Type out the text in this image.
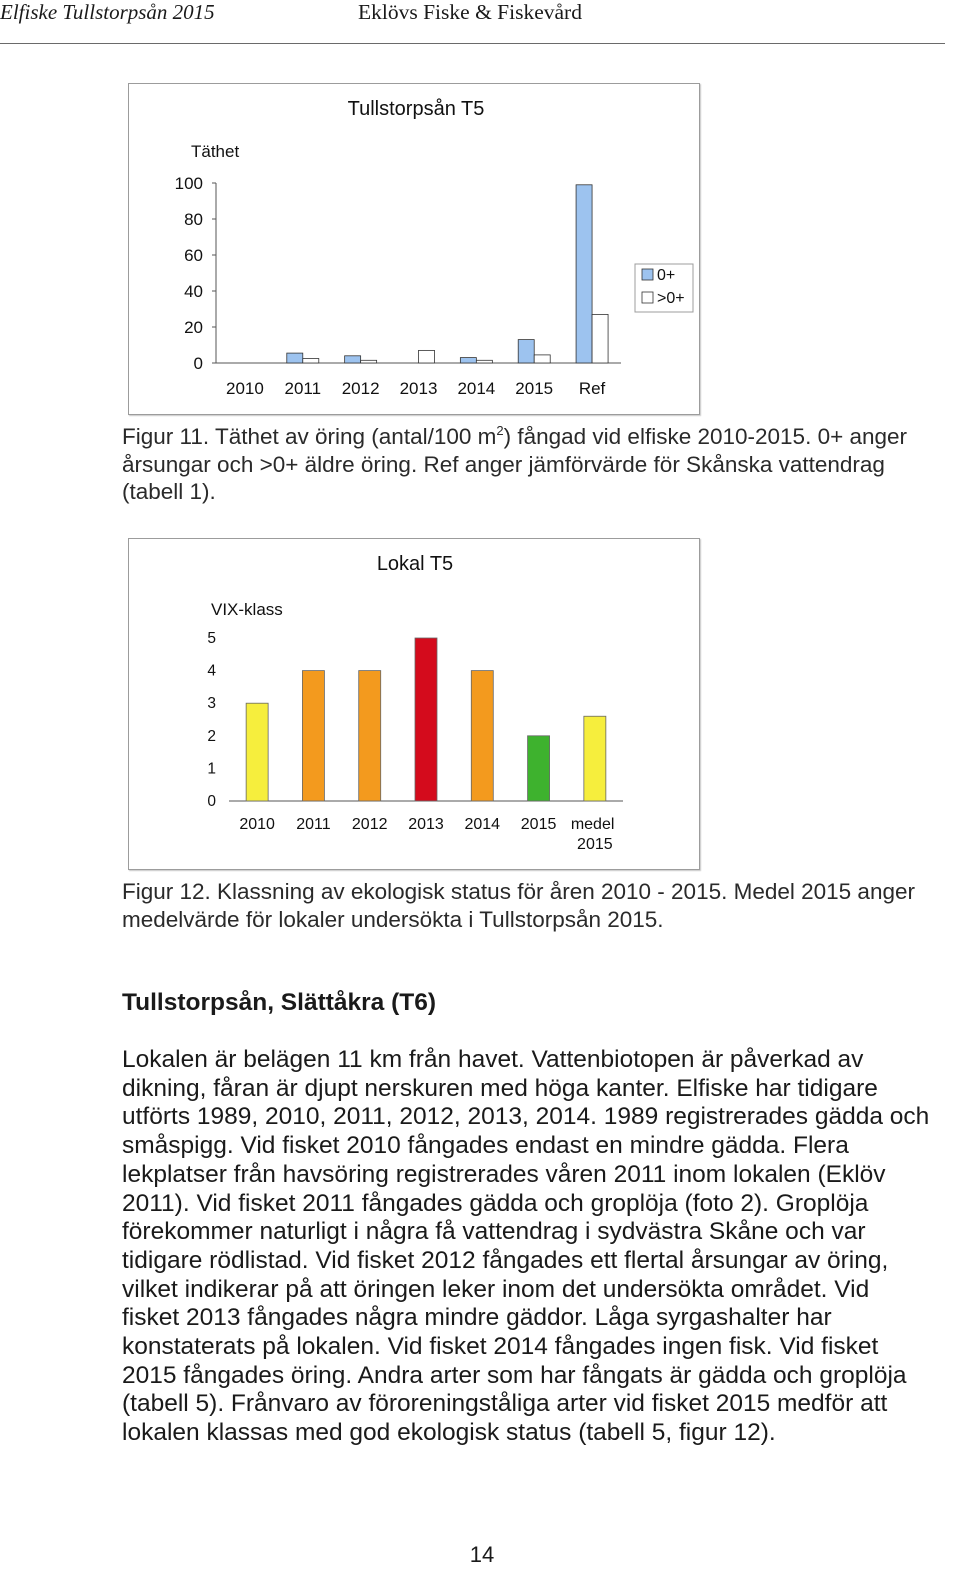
Elfiske Tullstorpsån 2015	Eklövs Fiske & Fiskevård
Tullstorpsån T5
Täthet
0
20
40
60
80
100
2010 2011 2012 2013 2014 2015 Ref
0+
>0+
Figur 11. Täthet av öring (antal/100 $m^2$) fångad vid elfiske 2010-2015. 0+ anger
årsungar och >0+ äldre öring. Ref anger jämförvärde för Skånska vattendrag
(tabell 1).
Lokal T5
VIX-klass
0
1
2
3
4
5
2010 2011 2012 2013 2014 2015 medel 2015
Figur 12. Klassning av ekologisk status för åren 2010 - 2015. Medel 2015 anger
medelvärde för lokaler undersökta i Tullstorpsån 2015.
Tullstorpsån, Slättåkra (T6)
Lokalen är belägen 11 km från havet. Vattenbiotopen är påverkad av
dikning, fåran är djupt nerskuren med höga kanter. Elfiske har tidigare
utförts 1989, 2010, 2011, 2012, 2013, 2014. 1989 registrerades gädda och
småspigg. Vid fisket 2010 fångades endast en mindre gädda. Flera
lekplatser från havsöring registrerades våren 2011 inom lokalen (Eklöv
2011). Vid fisket 2011 fångades gädda och groplöja (foto 2). Groplöja
förekommer naturligt i några få vattendrag i sydvästra Skåne och var
tidigare rödlistad. Vid fisket 2012 fångades ett flertal årsungar av öring,
vilket indikerar på att öringen leker inom det undersökta området. Vid
fisket 2013 fångades några mindre gäddor. Låga syrgashalter har
konstaterats på lokalen. Vid fisket 2014 fångades ingen fisk. Vid fisket
2015 fångades öring. Andra arter som har fångats är gädda och groplöja
(tabell 5). Frånvaro av föroreningståliga arter vid fisket 2015 medför att
lokalen klassas med god ekologisk status (tabell 5, figur 12).
14
